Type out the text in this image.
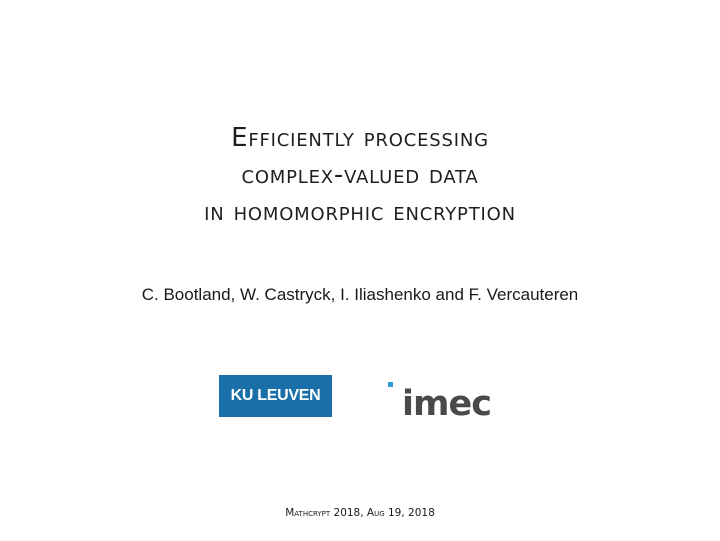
Efficiently processing
complex-valued data
in homomorphic encryption
C. Bootland, W. Castryck, I. Iliashenko and F. Vercauteren
KU LEUVEN imec
Mathcrypt 2018, Aug 19, 2018
